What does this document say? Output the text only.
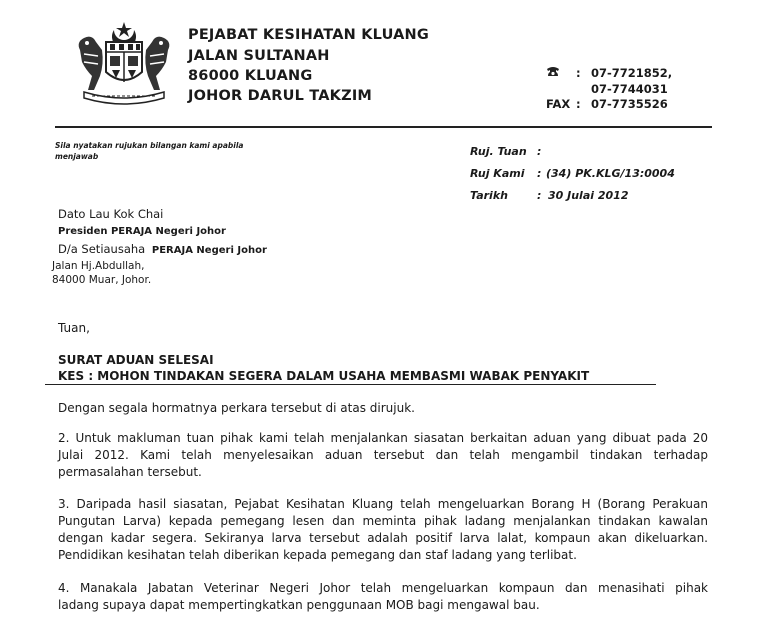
PEJABAT KESIHATAN KLUANG
JALAN SULTANAH
86000 KLUANG
JOHOR DARUL TAKZIM
: 07-7721852,
07-7744031
FAX : 07-7735526
Sila nyatakan rujukan bilangan kami apabila menjawab	Ruj. Tuan :
Ruj Kami : (34) PK.KLG/13:0004
Tarikh	: 30 Julai 2012
Dato Lau Kok Chai
Presiden PERAJA Negeri Johor
D/a Setiausaha PERAJA Negeri Johor
Jalan Hj.Abdullah,
84000 Muar, Johor.
Tuan,
SURAT ADUAN SELESAI
KES : MOHON TINDAKAN SEGERA DALAM USAHA MEMBASMI WABAK PENYAKIT
Dengan segala hormatnya perkara tersebut di atas dirujuk.
2. Untuk makluman tuan pihak kami telah menjalankan siasatan berkaitan aduan yang dibuat pada 20
Julai 2012. Kami telah menyelesaikan aduan tersebut dan telah mengambil tindakan terhadap
permasalahan tersebut.
3. Daripada hasil siasatan, Pejabat Kesihatan Kluang telah mengeluarkan Borang H (Borang Perakuan
Pungutan Larva) kepada pemegang lesen dan meminta pihak ladang menjalankan tindakan kawalan
dengan kadar segera. Sekiranya larva tersebut adalah positif larva lalat, kompaun akan dikeluarkan.
Pendidikan kesihatan telah diberikan kepada pemegang dan staf ladang yang terlibat.
4. Manakala Jabatan Veterinar Negeri Johor telah mengeluarkan kompaun dan menasihati pihak
ladang supaya dapat mempertingkatkan penggunaan MOB bagi mengawal bau.
